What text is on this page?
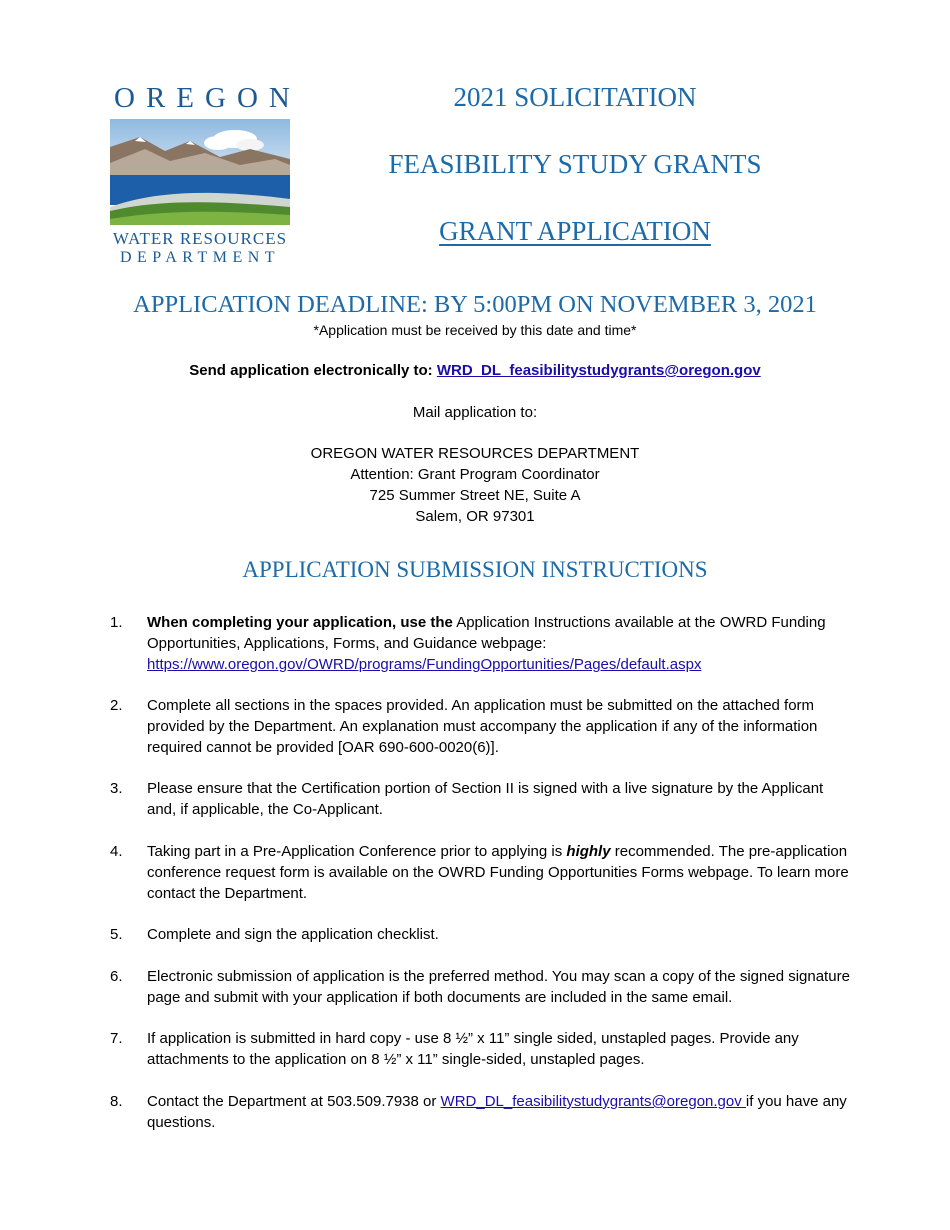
OREGON
WATER RESOURCES
DEPARTMENT
2021 SOLICITATION
FEASIBILITY STUDY GRANTS
GRANT APPLICATION
APPLICATION DEADLINE: BY 5:00PM ON NOVEMBER 3, 2021
*Application must be received by this date and time*
Send application electronically to: WRD_DL_feasibilitystudygrants@oregon.gov
Mail application to:
OREGON WATER RESOURCES DEPARTMENT
Attention: Grant Program Coordinator
725 Summer Street NE, Suite A
Salem, OR 97301
APPLICATION SUBMISSION INSTRUCTIONS
1. When completing your application, use the Application Instructions available at the OWRD Funding Opportunities, Applications, Forms, and Guidance webpage:
https://www.oregon.gov/OWRD/programs/FundingOpportunities/Pages/default.aspx
2. Complete all sections in the spaces provided. An application must be submitted on the attached form provided by the Department. An explanation must accompany the application if any of the information required cannot be provided [OAR 690-600-0020(6)].
3. Please ensure that the Certification portion of Section II is signed with a live signature by the Applicant and, if applicable, the Co-Applicant.
4. Taking part in a Pre-Application Conference prior to applying is highly recommended. The pre-application conference request form is available on the OWRD Funding Opportunities Forms webpage. To learn more contact the Department.
5. Complete and sign the application checklist.
6. Electronic submission of application is the preferred method. You may scan a copy of the signed signature page and submit with your application if both documents are included in the same email.
7. If application is submitted in hard copy - use 8 ½” x 11” single sided, unstapled pages. Provide any attachments to the application on 8 ½” x 11” single-sided, unstapled pages.
8. Contact the Department at 503.509.7938 or WRD_DL_feasibilitystudygrants@oregon.gov if you have any questions.
